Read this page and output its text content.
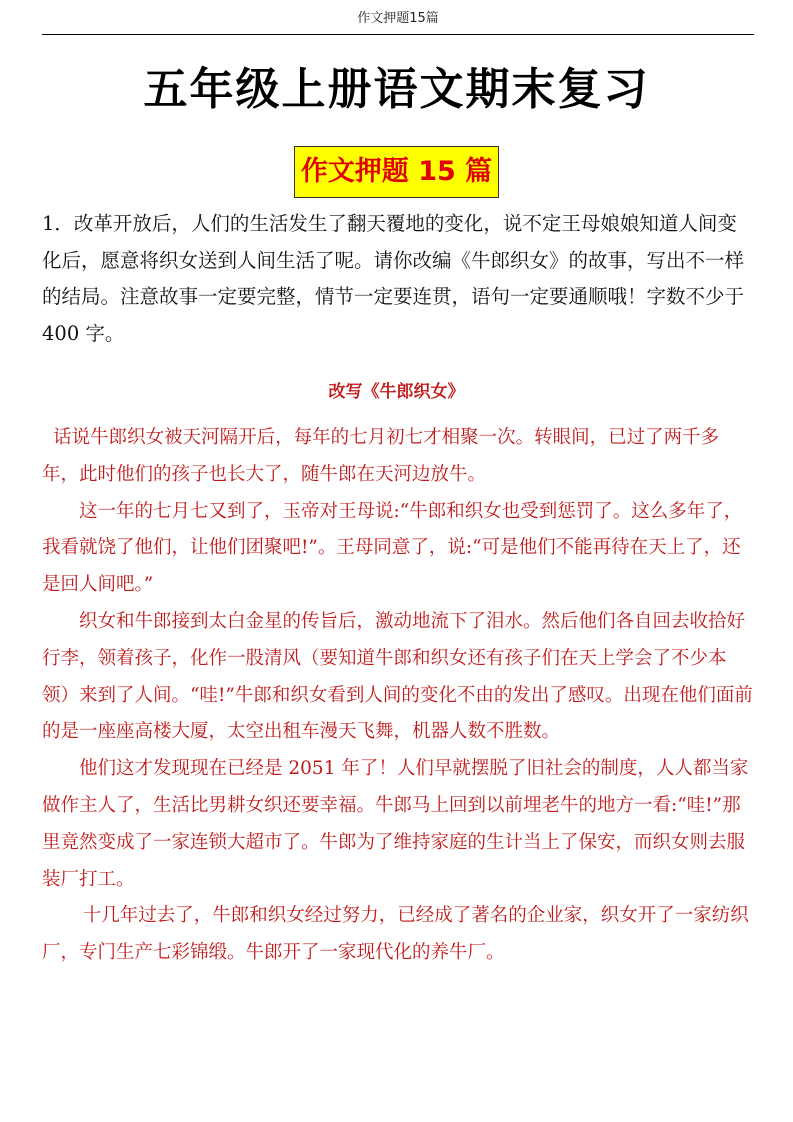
作文押题15篇
五年级上册语文期末复习
作文押题 15 篇

1．改革开放后，人们的生活发生了翻天覆地的变化，说不定王母娘娘知道人间变化后，愿意将织女送到人间生活了呢。请你改编《牛郎织女》的故事，写出不一样的结局。注意故事一定要完整，情节一定要连贯，语句一定要通顺哦！字数不少于 400 字。

改写《牛郎织女》

话说牛郎织女被天河隔开后，每年的七月初七才相聚一次。转眼间，已过了两千多年，此时他们的孩子也长大了，随牛郎在天河边放牛。

这一年的七月七又到了，玉帝对王母说:“牛郎和织女也受到惩罚了。这么多年了，我看就饶了他们，让他们团聚吧!”。王母同意了，说:“可是他们不能再待在天上了，还是回人间吧。”

织女和牛郎接到太白金星的传旨后，激动地流下了泪水。然后他们各自回去收拾好行李，领着孩子，化作一股清风（要知道牛郎和织女还有孩子们在天上学会了不少本领）来到了人间。“哇!”牛郎和织女看到人间的变化不由的发出了感叹。出现在他们面前的是一座座高楼大厦，太空出租车漫天飞舞，机器人数不胜数。

他们这才发现现在已经是 2051 年了！人们早就摆脱了旧社会的制度，人人都当家做作主人了，生活比男耕女织还要幸福。牛郎马上回到以前埋老牛的地方一看:“哇!”那里竟然变成了一家连锁大超市了。牛郎为了维持家庭的生计当上了保安，而织女则去服装厂打工。

十几年过去了，牛郎和织女经过努力，已经成了著名的企业家，织女开了一家纺织厂，专门生产七彩锦缎。牛郎开了一家现代化的养牛厂。
